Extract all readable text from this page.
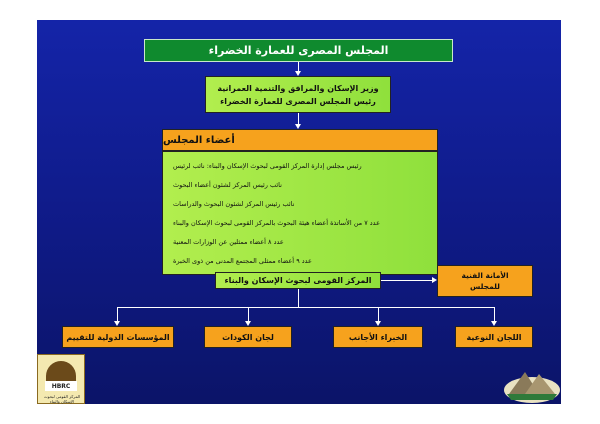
المجلس المصرى للعمارة الخضراء
وزير الإسكان والمرافق والتنمية العمرانية
رئيس المجلس المصرى للعمارة الخضراء
أعضاء المجلس
رئيس مجلس إدارة المركز القومى لبحوث الإسكان والبناء: نائب لرئيس
نائب رئيس المركز لشئون أعضاء البحوث
نائب رئيس المركز لشئون البحوث والدراسات
عدد ٧ من الأساتذة أعضاء هيئة البحوث بالمركز القومى لبحوث الإسكان والبناء
عدد ٨ أعضاء ممثلين عن الوزارات المعنية
عدد ٩ أعضاء ممثلى المجتمع المدنى من ذوى الخبرة
المركز القومى لبحوث الإسكان والبناء
الأمانة الفنية
للمجلس
المؤسسات الدولية للتقييم	لجان الكودات	الخبراء الأجانب	اللجان النوعية
HBRC
المركز القومى لبحوث الإسكان والبناء
